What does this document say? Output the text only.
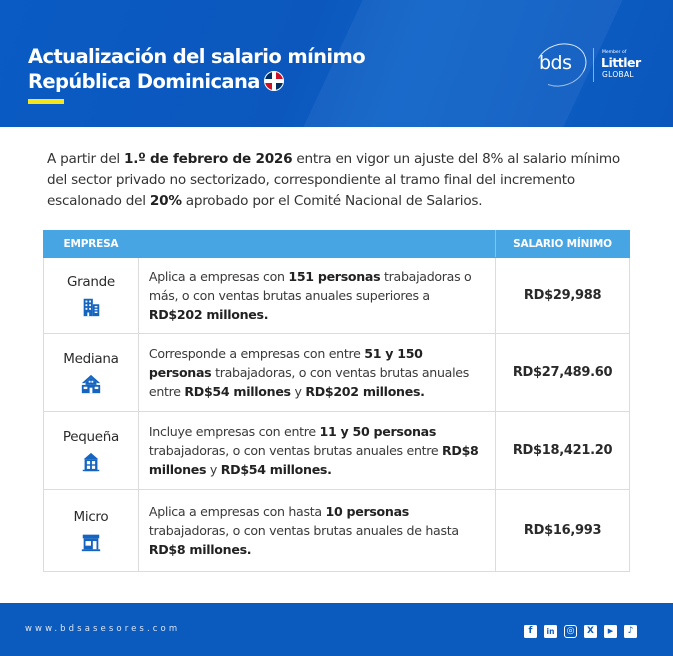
Actualización del salario mínimo
República Dominicana
bds	Member of
Littler
GLOBAL

A partir del 1.º de febrero de 2026 entra en vigor un ajuste del 8% al salario mínimo del sector privado no sectorizado, correspondiente al tramo final del incremento escalonado del 20% aprobado por el Comité Nacional de Salarios.

EMPRESA		SALARIO MÍNIMO

Grande	Aplica a empresas con 151 personas trabajadoras o más, o con ventas brutas anuales superiores a RD$202 millones.	RD$29,988

Mediana	Corresponde a empresas con entre 51 y 150 personas trabajadoras, o con ventas brutas anuales entre RD$54 millones y RD$202 millones.	RD$27,489.60

Pequeña	Incluye empresas con entre 11 y 50 personas trabajadoras, o con ventas brutas anuales entre RD$8 millones y RD$54 millones.	RD$18,421.20

Micro	Aplica a empresas con hasta 10 personas trabajadoras, o con ventas brutas anuales de hasta RD$8 millones.	RD$16,993
www.bdsasesores.com	f	in ◎	X	▶	♪
